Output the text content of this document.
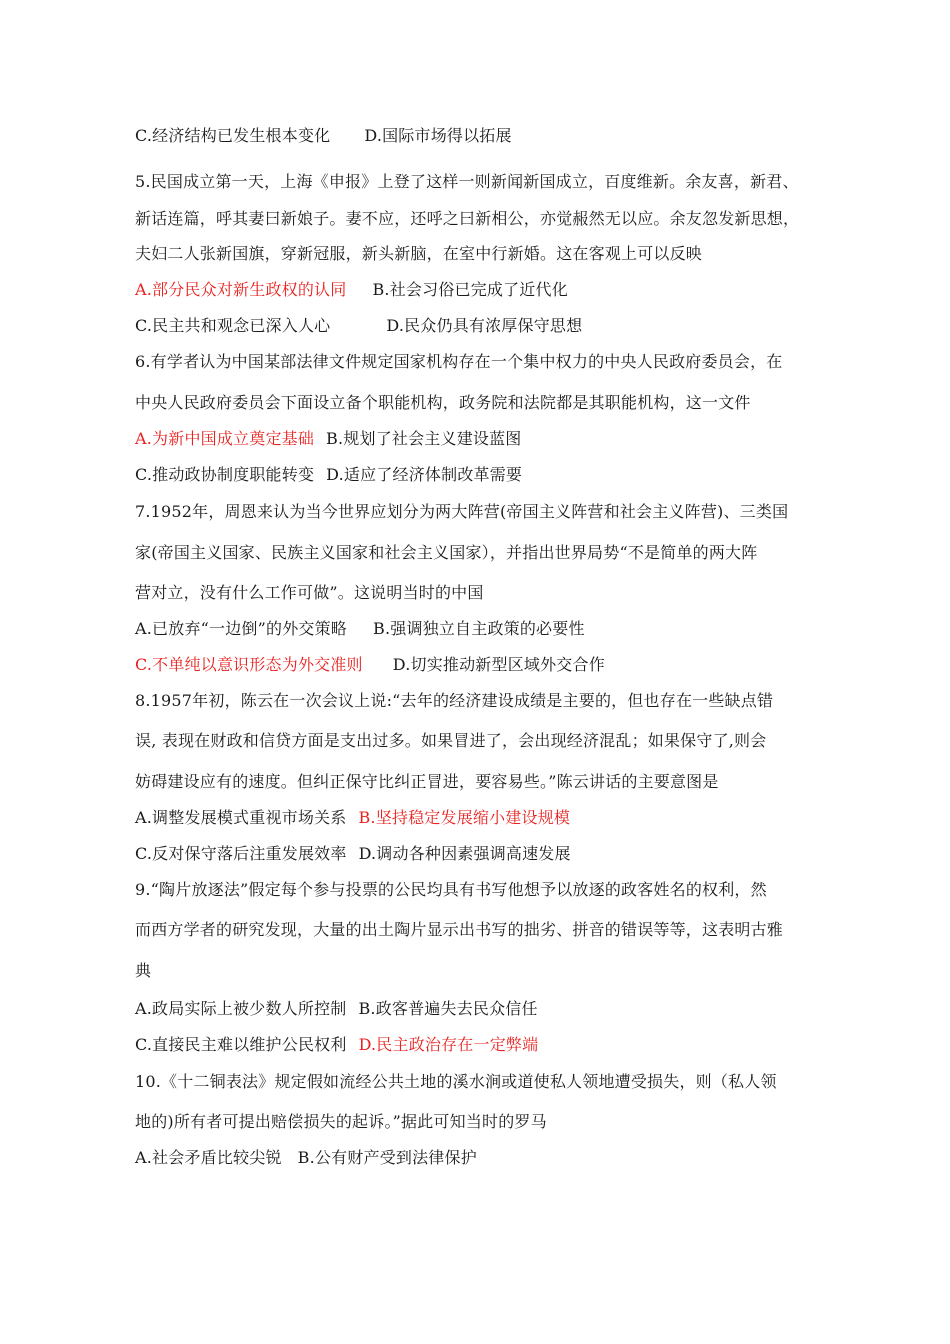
C.经济结构已发生根本变化 D.国际市场得以拓展
5.民国成立第一天，上海《申报》上登了这样一则新闻新国成立，百度维新。余友喜，新君、
新话连篇，呼其妻曰新娘子。妻不应，还呼之曰新相公，亦觉赧然无以应。余友忽发新思想，
夫妇二人张新国旗，穿新冠服，新头新脑，在室中行新婚。这在客观上可以反映
A.部分民众对新生政权的认同 B.社会习俗已完成了近代化
C.民主共和观念已深入人心	D.民众仍具有浓厚保守思想
6.有学者认为中国某部法律文件规定国家机构存在一个集中权力的中央人民政府委员会，在
中央人民政府委员会下面设立备个职能机构，政务院和法院都是其职能机构，这一文件
A.为新中国成立奠定基础 B.规划了社会主义建设蓝图
C.推动政协制度职能转变 D.适应了经济体制改革需要
7.1952年，周恩来认为当今世界应划分为两大阵营(帝国主义阵营和社会主义阵营)、三类国
家(帝国主义国家、民族主义国家和社会主义国家），并指出世界局势“不是简单的两大阵
营对立，没有什么工作可做”。这说明当时的中国
A.已放弃“一边倒”的外交策略 B.强调独立自主政策的必要性
C.不单纯以意识形态为外交准则 D.切实推动新型区域外交合作
8.1957年初，陈云在一次会议上说:“去年的经济建设成绩是主要的，但也存在一些缺点错
误, 表现在财政和信贷方面是支出过多。如果冒进了，会出现经济混乱；如果保守了,则会
妨碍建设应有的速度。但纠正保守比纠正冒进，要容易些。”陈云讲话的主要意图是
A.调整发展模式重视市场关系 B.坚持稳定发展缩小建设规模
C.反对保守落后注重发展效率 D.调动各种因素强调高速发展
9.“陶片放逐法”假定每个参与投票的公民均具有书写他想予以放逐的政客姓名的权利，然
而西方学者的研究发现，大量的出土陶片显示出书写的拙劣、拼音的错误等等，这表明古雅
典
A.政局实际上被少数人所控制 B.政客普遍失去民众信任
C.直接民主难以维护公民权利 D.民主政治存在一定弊端
10.《十二铜表法》规定假如流经公共土地的溪水涧或道使私人领地遭受损失，则（私人领
地的)所有者可提出赔偿损失的起诉。”据此可知当时的罗马
A.社会矛盾比较尖锐 B.公有财产受到法律保护
